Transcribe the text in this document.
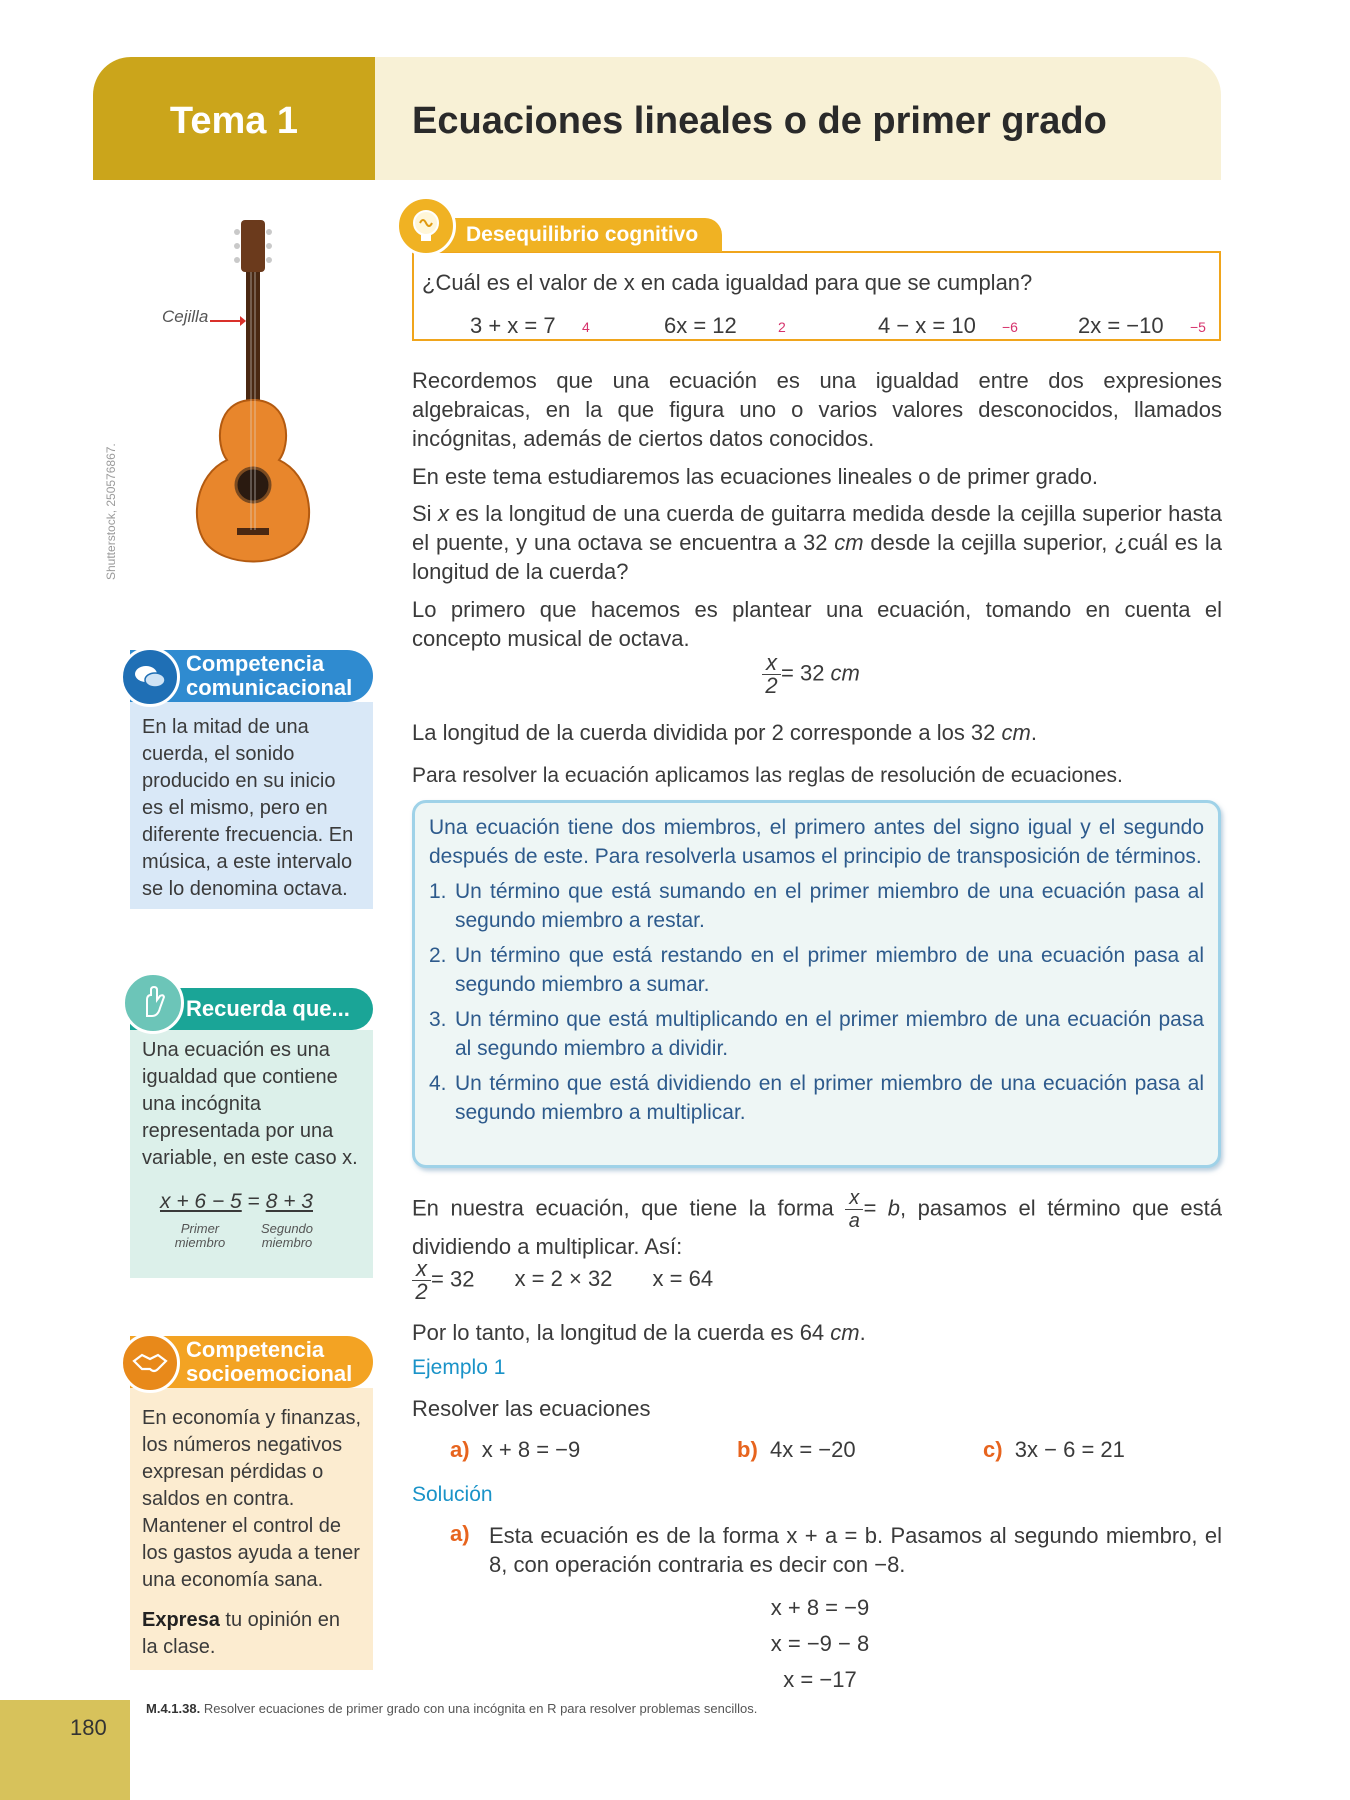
Tema 1	Ecuaciones lineales o de primer grado
Cejilla
Shutterstock, 250576867.
Desequilibrio cognitivo
¿Cuál es el valor de x en cada igualdad para que se cumplan?
3 + x = 7 4	6x = 12	2	4 − x = 10 −6	2x = −10 −5
Recordemos que una ecuación es una igualdad entre dos expresiones algebraicas, en la que figura uno o varios valores desconocidos, llamados incógnitas, además de ciertos datos conocidos.
En este tema estudiaremos las ecuaciones lineales o de primer grado.
Si x es la longitud de una cuerda de guitarra medida desde la cejilla superior hasta el puente, y una octava se encuentra a 32 cm desde la cejilla superior, ¿cuál es la longitud de la cuerda?
Lo primero que hacemos es plantear una ecuación, tomando en cuenta el concepto musical de octava.
$\frac{x}{2} = 32$ cm
La longitud de la cuerda dividida por 2 corresponde a los 32 cm.
Para resolver la ecuación aplicamos las reglas de resolución de ecuaciones.
Una ecuación tiene dos miembros, el primero antes del signo igual y el segundo después de este. Para resolverla usamos el principio de transposición de términos.
1. Un término que está sumando en el primer miembro de una ecuación pasa al segundo miembro a restar.
2. Un término que está restando en el primer miembro de una ecuación pasa al segundo miembro a sumar.
3. Un término que está multiplicando en el primer miembro de una ecuación pasa al segundo miembro a dividir.
4. Un término que está dividiendo en el primer miembro de una ecuación pasa al segundo miembro a multiplicar.
En nuestra ecuación, que tiene la forma $\frac{x}{a} = b$, pasamos el término que está dividiendo a multiplicar. Así:
$\frac{x}{2} = 32$ x = 2 × 32 x = 64
Por lo tanto, la longitud de la cuerda es 64 cm.
Ejemplo 1
Resolver las ecuaciones
a) x + 8 = −9	b) 4x = −20	c) 3x − 6 = 21
Solución
a) Esta ecuación es de la forma x + a = b. Pasamos al segundo miembro, el 8, con operación contraria es decir con −8.
x + 8 = −9
x = −9 − 8
x = −17
Competencia comunicacional
En la mitad de una cuerda, el sonido producido en su inicio es el mismo, pero en diferente frecuencia. En música, a este intervalo se lo denomina octava.
Recuerda que...
Una ecuación es una igualdad que contiene una incógnita representada por una variable, en este caso x.
x + 6 − 5 = 8 + 3
Primer miembro
Segundo miembro
Competencia socioemocional
En economía y finanzas, los números negativos expresan pérdidas o saldos en contra. Mantener el control de los gastos ayuda a tener una economía sana.
Expresa tu opinión en la clase.
180
M.4.1.38. Resolver ecuaciones de primer grado con una incógnita en R para resolver problemas sencillos.
